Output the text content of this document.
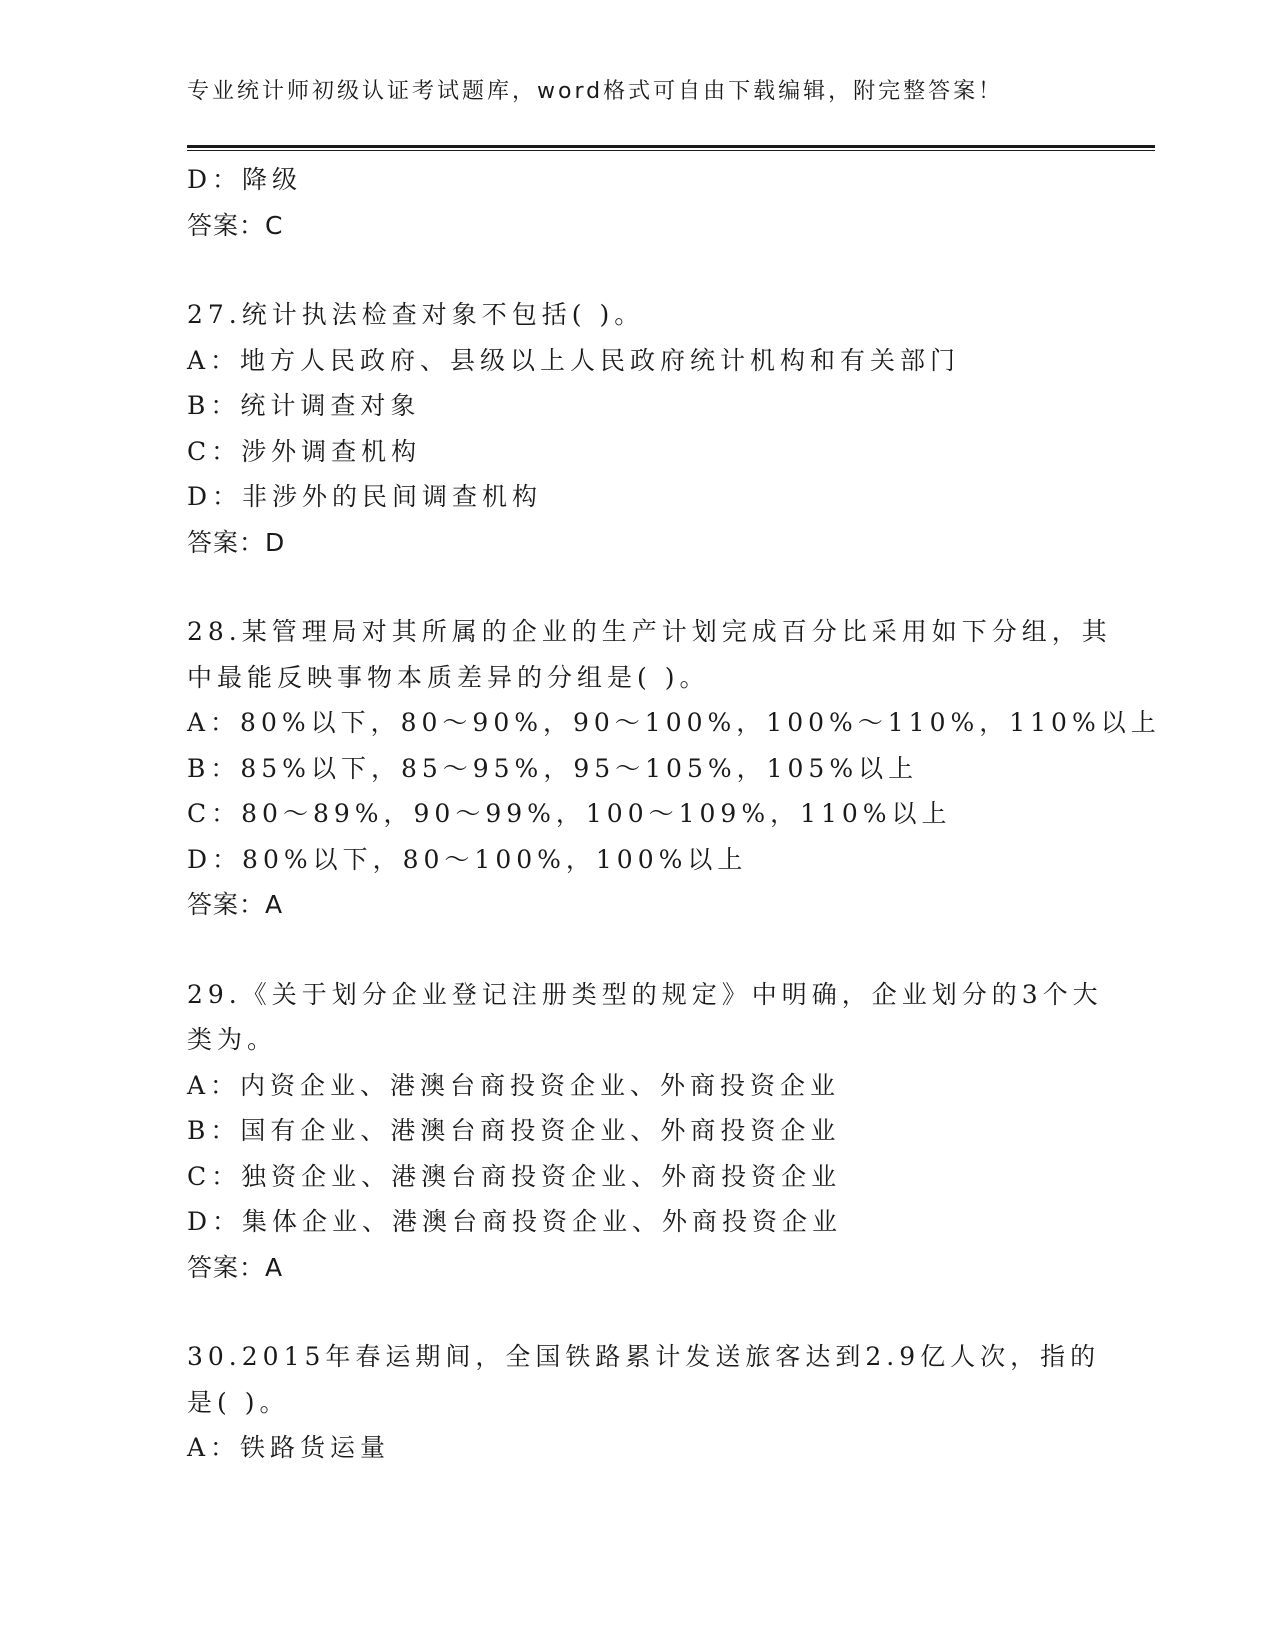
专业统计师初级认证考试题库，word格式可自由下载编辑，附完整答案！
D：降级
答案：C
27.统计执法检查对象不包括( )。
A：地方人民政府、县级以上人民政府统计机构和有关部门
B：统计调查对象
C：涉外调查机构
D：非涉外的民间调查机构
答案：D
28.某管理局对其所属的企业的生产计划完成百分比采用如下分组，其
中最能反映事物本质差异的分组是( )。
A：80%以下，80～90%，90～100%，100%～110%，110%以上
B：85%以下，85～95%，95～105%，105%以上
C：80～89%，90～99%，100～109%，110%以上
D：80%以下，80～100%，100%以上
答案：A
29.《关于划分企业登记注册类型的规定》中明确，企业划分的3个大
类为。
A：内资企业、港澳台商投资企业、外商投资企业
B：国有企业、港澳台商投资企业、外商投资企业
C：独资企业、港澳台商投资企业、外商投资企业
D：集体企业、港澳台商投资企业、外商投资企业
答案：A
30.2015年春运期间，全国铁路累计发送旅客达到2.9亿人次，指的
是( )。
A：铁路货运量
